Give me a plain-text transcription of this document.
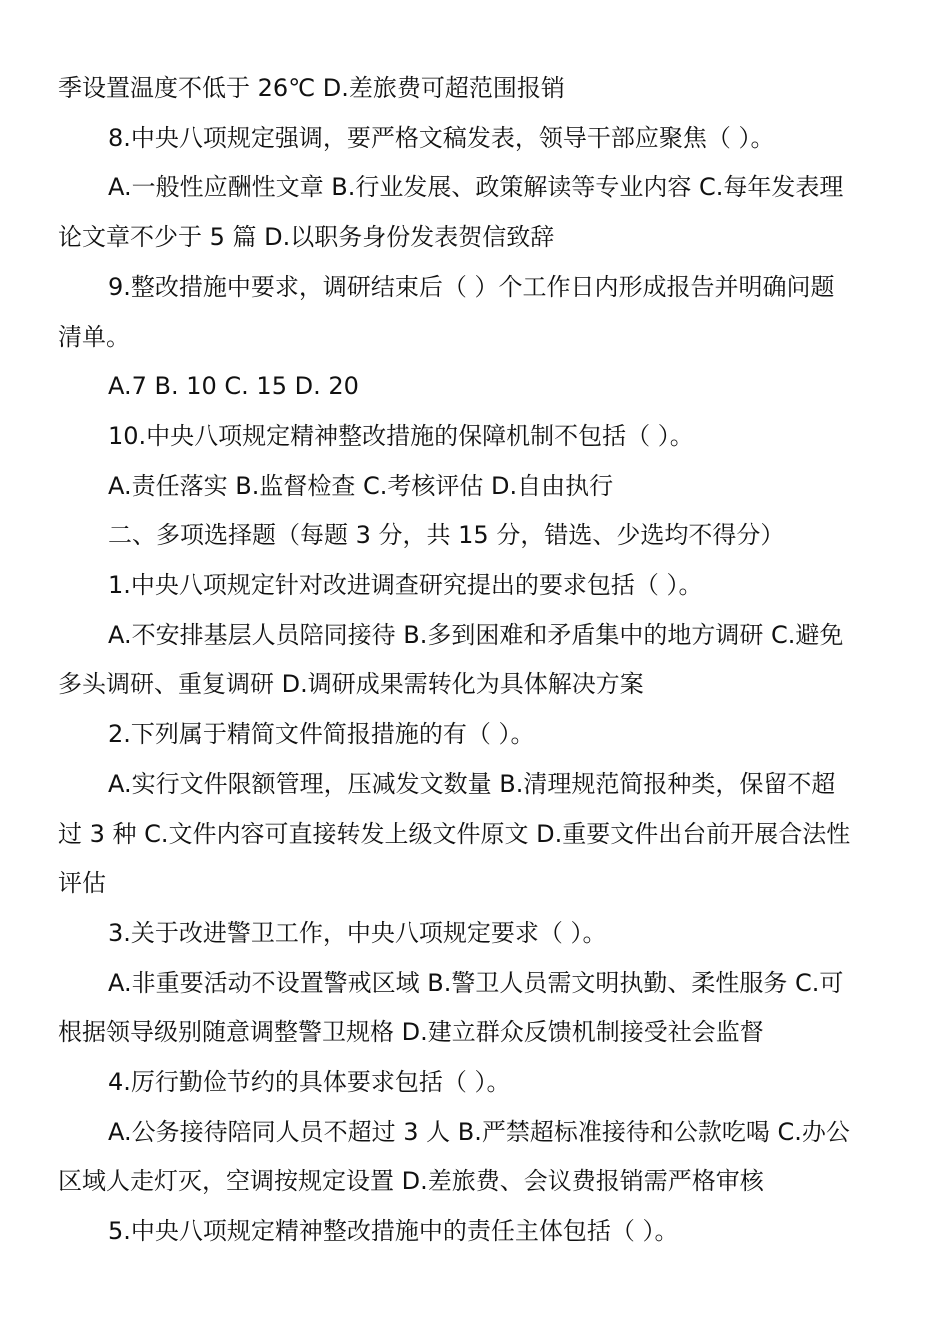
季设置温度不低于 26℃ D.差旅费可超范围报销
8.中央八项规定强调，要严格文稿发表，领导干部应聚焦（ ）。
A.一般性应酬性文章 B.行业发展、政策解读等专业内容 C.每年发表理
论文章不少于 5 篇 D.以职务身份发表贺信致辞
9.整改措施中要求，调研结束后（ ）个工作日内形成报告并明确问题
清单。
A.7 B. 10 C. 15 D. 20
10.中央八项规定精神整改措施的保障机制不包括（ ）。
A.责任落实 B.监督检查 C.考核评估 D.自由执行
二、多项选择题（每题 3 分，共 15 分，错选、少选均不得分）
1.中央八项规定针对改进调查研究提出的要求包括（ ）。
A.不安排基层人员陪同接待 B.多到困难和矛盾集中的地方调研 C.避免
多头调研、重复调研 D.调研成果需转化为具体解决方案
2.下列属于精简文件简报措施的有（ ）。
A.实行文件限额管理，压减发文数量 B.清理规范简报种类，保留不超
过 3 种 C.文件内容可直接转发上级文件原文 D.重要文件出台前开展合法性
评估
3.关于改进警卫工作，中央八项规定要求（ ）。
A.非重要活动不设置警戒区域 B.警卫人员需文明执勤、柔性服务 C.可
根据领导级别随意调整警卫规格 D.建立群众反馈机制接受社会监督
4.厉行勤俭节约的具体要求包括（ ）。
A.公务接待陪同人员不超过 3 人 B.严禁超标准接待和公款吃喝 C.办公
区域人走灯灭，空调按规定设置 D.差旅费、会议费报销需严格审核
5.中央八项规定精神整改措施中的责任主体包括（ ）。
